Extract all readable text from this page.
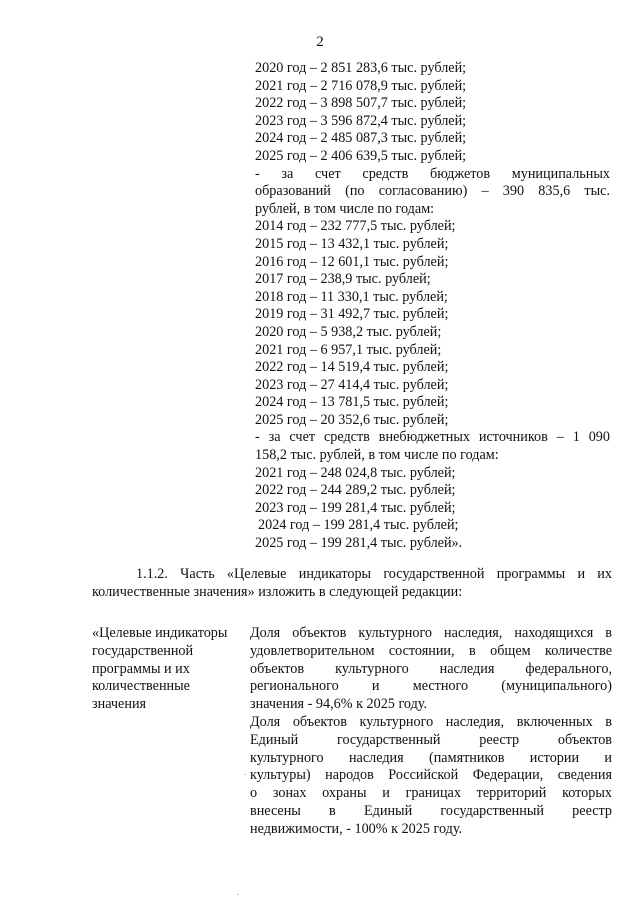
2
2020 год – 2 851 283,6 тыс. рублей;
2021 год – 2 716 078,9 тыс. рублей;
2022 год – 3 898 507,7 тыс. рублей;
2023 год – 3 596 872,4 тыс. рублей;
2024 год – 2 485 087,3 тыс. рублей;
2025 год – 2 406 639,5 тыс. рублей;
- за счет средств бюджетов муниципальных
образований (по согласованию) – 390 835,6 тыс.
рублей, в том числе по годам:
2014 год – 232 777,5 тыс. рублей;
2015 год – 13 432,1 тыс. рублей;
2016 год – 12 601,1 тыс. рублей;
2017 год – 238,9 тыс. рублей;
2018 год – 11 330,1 тыс. рублей;
2019 год – 31 492,7 тыс. рублей;
2020 год – 5 938,2 тыс. рублей;
2021 год – 6 957,1 тыс. рублей;
2022 год – 14 519,4 тыс. рублей;
2023 год – 27 414,4 тыс. рублей;
2024 год – 13 781,5 тыс. рублей;
2025 год – 20 352,6 тыс. рублей;
- за счет средств внебюджетных источников – 1 090
158,2 тыс. рублей, в том числе по годам:
2021 год – 248 024,8 тыс. рублей;
2022 год – 244 289,2 тыс. рублей;
2023 год – 199 281,4 тыс. рублей;
2024 год – 199 281,4 тыс. рублей;
2025 год – 199 281,4 тыс. рублей».
1.1.2. Часть «Целевые индикаторы государственной программы и их
количественные значения» изложить в следующей редакции:
«Целевые индикаторы
государственной
программы и их
количественные
значения
Доля объектов культурного наследия, находящихся в
удовлетворительном состоянии, в общем количестве
объектов культурного наследия федерального,
регионального и местного (муниципального)
значения - 94,6% к 2025 году.
Доля объектов культурного наследия, включенных в
Единый государственный реестр объектов
культурного наследия (памятников истории и
культуры) народов Российской Федерации, сведения
о зонах охраны и границах территорий которых
внесены в Единый государственный реестр
недвижимости, - 100% к 2025 году.
.
.
